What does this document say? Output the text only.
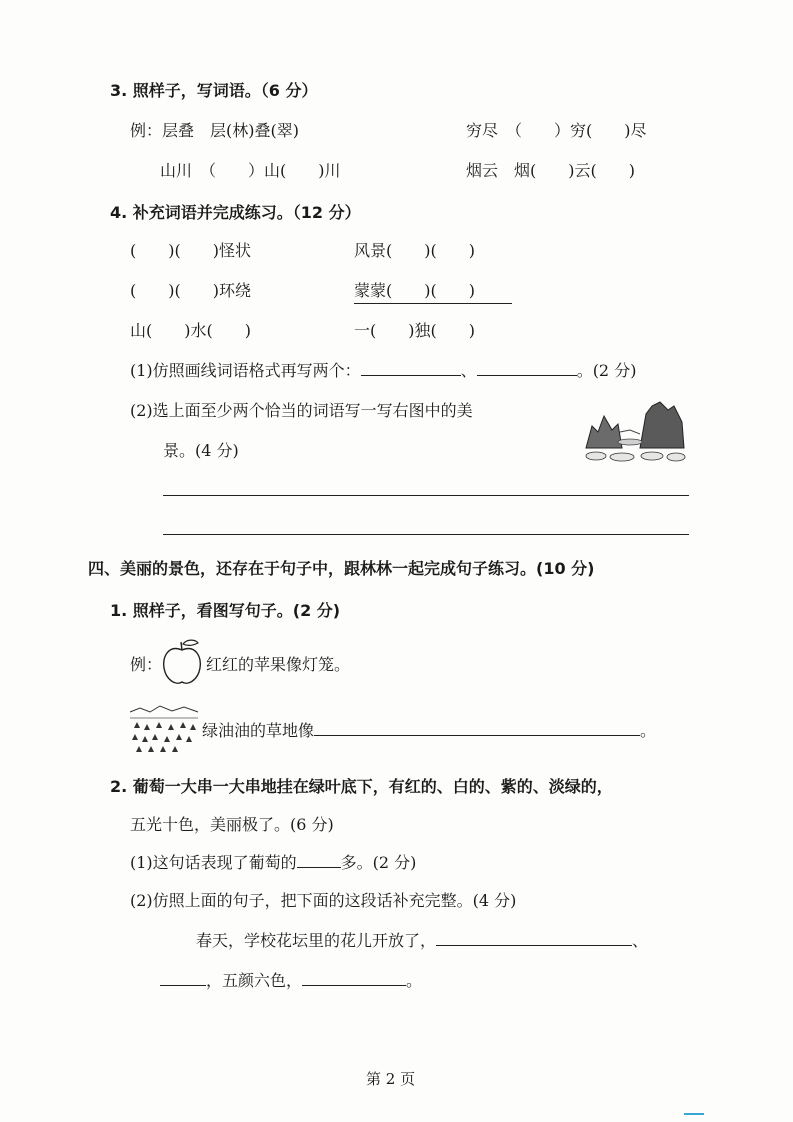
3. 照样子，写词语。（6 分）
例：层叠　层(林)叠(翠)	穷尽　（　　）穷(　　)尽
山川　（　　）山(　　)川	烟云　烟(　　)云(　　)
4. 补充词语并完成练习。（12 分）
(　　)(　　)怪状	风景(　　)(　　)
(　　)(　　)环绕	蒙蒙(　　)(　　)
山(　　)水(　　)	一(　　)独(　　)
(1)仿照画线词语格式再写两个：	、	。(2 分)
(2)选上面至少两个恰当的词语写一写右图中的美
景。(4 分)
四、美丽的景色，还存在于句子中，跟林林一起完成句子练习。(10 分)
1. 照样子，看图写句子。(2 分)
例：	红红的苹果像灯笼。
绿油油的草地像	。
2. 葡萄一大串一大串地挂在绿叶底下，有红的、白的、紫的、淡绿的，
五光十色，美丽极了。(6 分)
(1)这句话表现了葡萄的	多。(2 分)
(2)仿照上面的句子，把下面的这段话补充完整。(4 分)
春天，学校花坛里的花儿开放了，	、
，五颜六色，	。
第 2 页
